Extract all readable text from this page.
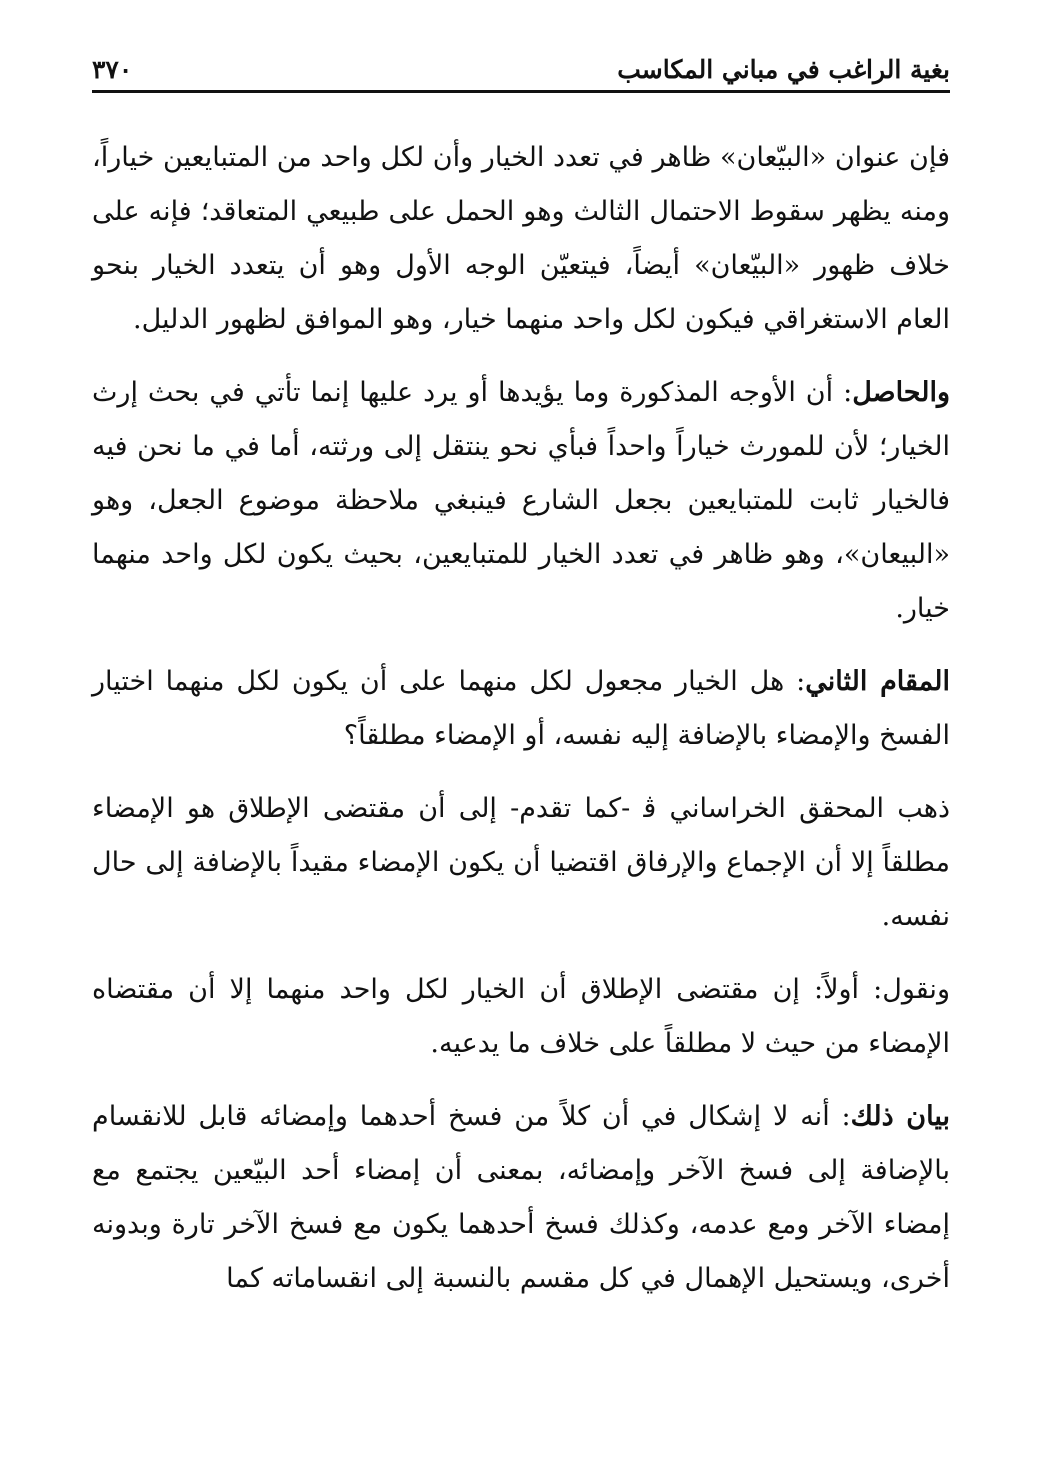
بغية الراغب في مباني المكاسب
٣٧٠

فإن عنوان «البيّعان» ظاهر في تعدد الخيار وأن لكل واحد من المتبايعين خياراً، ومنه يظهر سقوط الاحتمال الثالث وهو الحمل على طبيعي المتعاقد؛ فإنه على خلاف ظهور «البيّعان» أيضاً، فيتعيّن الوجه الأول وهو أن يتعدد الخيار بنحو العام الاستغراقي فيكون لكل واحد منهما خيار، وهو الموافق لظهور الدليل.

والحاصل: أن الأوجه المذكورة وما يؤيدها أو يرد عليها إنما تأتي في بحث إرث الخيار؛ لأن للمورث خياراً واحداً فبأي نحو ينتقل إلى ورثته، أما في ما نحن فيه فالخيار ثابت للمتبايعين بجعل الشارع فينبغي ملاحظة موضوع الجعل، وهو «البيعان»، وهو ظاهر في تعدد الخيار للمتبايعين، بحيث يكون لكل واحد منهما خيار.

المقام الثاني: هل الخيار مجعول لكل منهما على أن يكون لكل منهما اختيار الفسخ والإمضاء بالإضافة إليه نفسه، أو الإمضاء مطلقاً؟

ذهب المحقق الخراساني ﭬ -كما تقدم- إلى أن مقتضى الإطلاق هو الإمضاء مطلقاً إلا أن الإجماع والإرفاق اقتضيا أن يكون الإمضاء مقيداً بالإضافة إلى حال نفسه.

ونقول: أولاً: إن مقتضى الإطلاق أن الخيار لكل واحد منهما إلا أن مقتضاه الإمضاء من حيث لا مطلقاً على خلاف ما يدعيه.

بيان ذلك: أنه لا إشكال في أن كلاً من فسخ أحدهما وإمضائه قابل للانقسام بالإضافة إلى فسخ الآخر وإمضائه، بمعنى أن إمضاء أحد البيّعين يجتمع مع إمضاء الآخر ومع عدمه، وكذلك فسخ أحدهما يكون مع فسخ الآخر تارة وبدونه أخرى، ويستحيل الإهمال في كل مقسم بالنسبة إلى انقساماته كما
